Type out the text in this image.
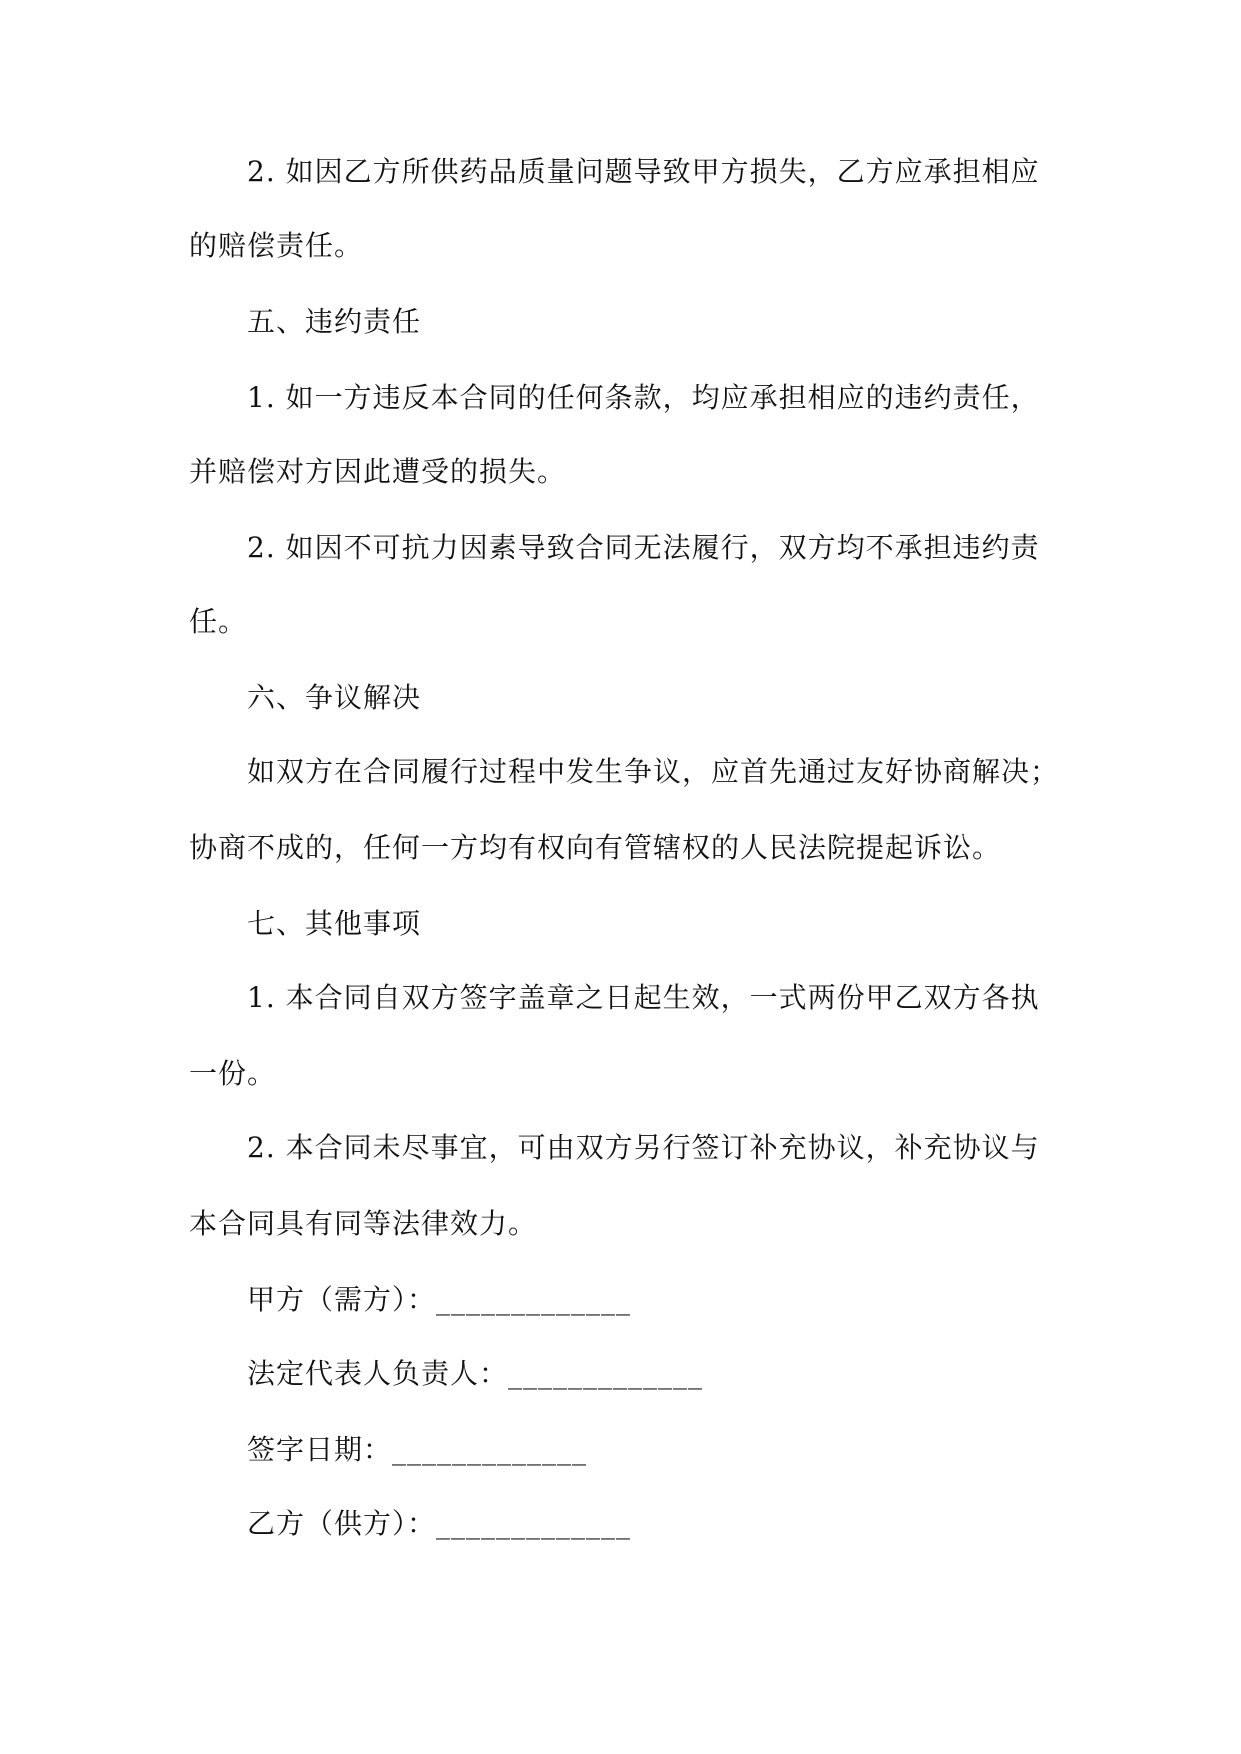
2. 如因乙方所供药品质量问题导致甲方损失，乙方应承担相应
的赔偿责任。
五、违约责任
1. 如一方违反本合同的任何条款，均应承担相应的违约责任，
并赔偿对方因此遭受的损失。
2. 如因不可抗力因素导致合同无法履行，双方均不承担违约责
任。
六、争议解决
如双方在合同履行过程中发生争议，应首先通过友好协商解决；
协商不成的，任何一方均有权向有管辖权的人民法院提起诉讼。
七、其他事项
1. 本合同自双方签字盖章之日起生效，一式两份甲乙双方各执
一份。
2. 本合同未尽事宜，可由双方另行签订补充协议，补充协议与
本合同具有同等法律效力。
甲方（需方）：_____________
法定代表人负责人：_____________
签字日期：_____________
乙方（供方）：_____________
